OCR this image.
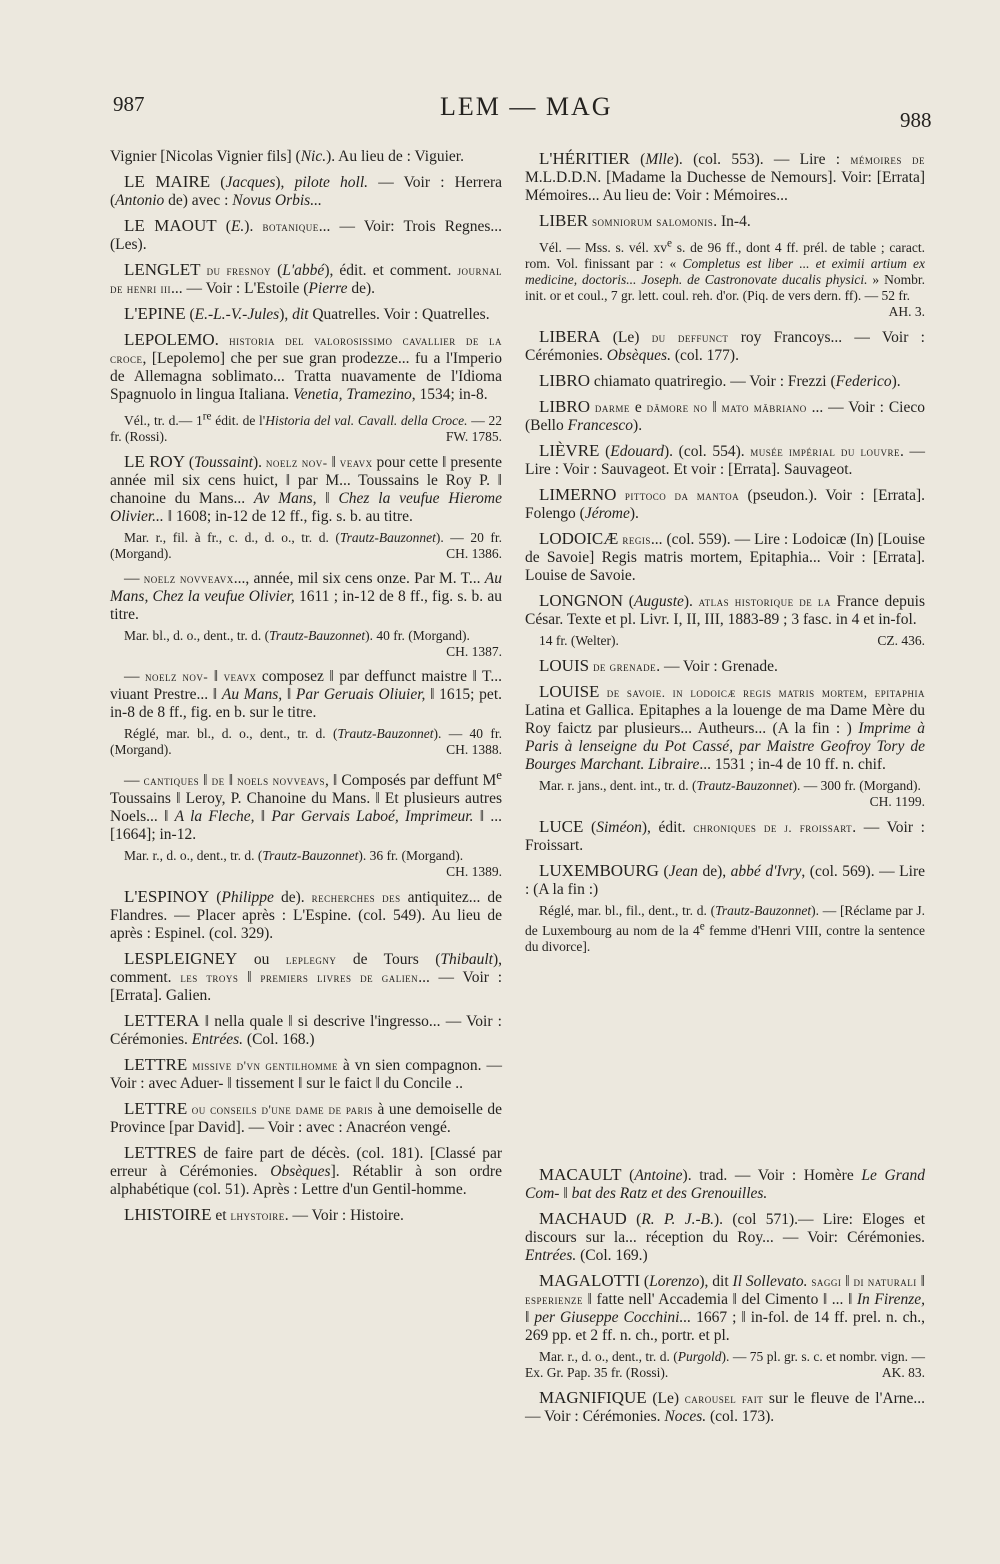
987	LEM — MAG	988

Vignier [Nicolas Vignier fils] (Nic.). Au lieu de : Viguier.

LE MAIRE (Jacques), pilote holl. — Voir : Herrera (Antonio de) avec : Novus Orbis...

LE MAOUT (E.). botanique... — Voir: Trois Regnes... (Les).

LENGLET du fresnoy (L'abbé), édit. et comment. journal de henri iii... — Voir : L'Estoile (Pierre de).

L'EPINE (E.-L.-V.-Jules), dit Quatrelles. Voir : Quatrelles.

LEPOLEMO. historia del valorosissimo cavallier de la croce, [Lepolemo] che per sue gran prodezze... fu a l'Imperio de Allemagna soblimato... Tratta nuavamente de l'Idioma Spagnuolo in lingua Italiana. Venetia, Tramezino, 1534; in-8.

Vél., tr. d.— 1re édit. de l'Historia del val. Cavall. della Croce. — 22 fr. (Rossi).	FW. 1785.

LE ROY (Toussaint). noelz nov- ‖ veavx pour cette ‖ presente année mil six cens huict, ‖ par M... Toussains le Roy P. ‖ chanoine du Mans... Av Mans, ‖ Chez la veufue Hierome Olivier... ‖ 1608; in-12 de 12 ff., fig. s. b. au titre.

Mar. r., fil. à fr., c. d., d. o., tr. d. (Trautz-Bauzonnet). — 20 fr. (Morgand).	CH. 1386.

— noelz novveavx..., année, mil six cens onze. Par M. T... Au Mans, Chez la veufue Olivier, 1611 ; in-12 de 8 ff., fig. s. b. au titre.

Mar. bl., d. o., dent., tr. d. (Trautz-Bauzonnet). 40 fr. (Morgand).
CH. 1387.

— noelz nov- ‖ veavx composez ‖ par deffunct maistre ‖ T... viuant Prestre... ‖ Au Mans, ‖ Par Geruais Oliuier, ‖ 1615; pet. in-8 de 8 ff., fig. en b. sur le titre.

Réglé, mar. bl., d. o., dent., tr. d. (Trautz-Bauzonnet). — 40 fr. (Morgand).	CH. 1388.

— cantiques ‖ de ‖ noels novveavs, ‖ Composés par deffunt Me Toussains ‖ Leroy, P. Chanoine du Mans. ‖ Et plusieurs autres Noels... ‖ A la Fleche, ‖ Par Gervais Laboé, Imprimeur. ‖ ... [1664]; in-12.

Mar. r., d. o., dent., tr. d. (Trautz-Bauzonnet). 36 fr. (Morgand).
CH. 1389.

L'ESPINOY (Philippe de). recherches des antiquitez... de Flandres. — Placer après : L'Espine. (col. 549). Au lieu de après : Espinel. (col. 329).

LESPLEIGNEY ou leplegny de Tours (Thibault), comment. les troys ‖ premiers livres de galien... — Voir : [Errata]. Galien.

LETTERA ‖ nella quale ‖ si descrive l'ingresso... — Voir : Cérémonies. Entrées. (Col. 168.)

LETTRE missive d'vn gentilhomme à vn sien compagnon. — Voir : avec Aduer- ‖ tissement ‖ sur le faict ‖ du Concile ..

LETTRE ou conseils d'une dame de paris à une demoiselle de Province [par David]. — Voir : avec : Anacréon vengé.

LETTRES de faire part de décès. (col. 181). [Classé par erreur à Cérémonies. Obsèques]. Rétablir à son ordre alphabétique (col. 51). Après : Lettre d'un Gentil-homme.

LHISTOIRE et lhystoire. — Voir : Histoire.

L'HÉRITIER (Mlle). (col. 553). — Lire : mémoires de M.L.D.D.N. [Madame la Duchesse de Nemours]. Voir: [Errata] Mémoires... Au lieu de: Voir : Mémoires...

LIBER somniorum salomonis. In-4.

Vél. — Mss. s. vél. $xv^e$ s. de 96 ff., dont 4 ff. prél. de table ; caract. rom. Vol. finissant par : « Completus est liber ... et eximii artium ex medicine, doctoris... Joseph. de Castronovate ducalis physici. » Nombr. init. or et coul., 7 gr. lett. coul. reh. d'or. (Piq. de vers dern. ff). — 52 fr.
AH. 3.

LIBERA (Le) du deffunct roy Francoys... — Voir : Cérémonies. Obsèques. (col. 177).

LIBRO chiamato quatriregio. — Voir : Frezzi (Federico).

LIBRO darme e dāmore no ‖ mato mābriano ... — Voir : Cieco (Bello Francesco).

LIÈVRE (Edouard). (col. 554). musée impérial du louvre. — Lire : Voir : Sauvageot. Et voir : [Errata]. Sauvageot.

LIMERNO pittoco da mantoa (pseudon.). Voir : [Errata]. Folengo (Jérome).

LODOICÆ regis... (col. 559). — Lire : Lodoicæ (In) [Louise de Savoie] Regis matris mortem, Epitaphia... Voir : [Errata]. Louise de Savoie.

LONGNON (Auguste). atlas historique de la France depuis César. Texte et pl. Livr. I, II, III, 1883-89 ; 3 fasc. in 4 et in-fol.

14 fr. (Welter).	CZ. 436.

LOUIS de grenade. — Voir : Grenade.

LOUISE de savoie. in lodoicæ regis matris mortem, epitaphia Latina et Gallica. Epitaphes a la louenge de ma Dame Mère du Roy faictz par plusieurs... Autheurs... (A la fin : ) Imprime à Paris à lenseigne du Pot Cassé, par Maistre Geofroy Tory de Bourges Marchant. Libraire... 1531 ; in-4 de 10 ff. n. chif.

Mar. r. jans., dent. int., tr. d. (Trautz-Bauzonnet). — 300 fr. (Morgand).
CH. 1199.

LUCE (Siméon), édit. chroniques de j. froissart. — Voir : Froissart.

LUXEMBOURG (Jean de), abbé d'Ivry, (col. 569). — Lire : (A la fin :)

Réglé, mar. bl., fil., dent., tr. d. (Trautz-Bauzonnet). — [Réclame par J. de Luxembourg au nom de la 4e femme d'Henri VIII, contre la sentence du divorce].

MACAULT (Antoine). trad. — Voir : Homère Le Grand Com- ‖ bat des Ratz et des Grenouilles.

MACHAUD (R. P. J.-B.). (col 571).— Lire: Eloges et discours sur la... réception du Roy... — Voir: Cérémonies. Entrées. (Col. 169.)

MAGALOTTI (Lorenzo), dit Il Sollevato. saggi ‖ di naturali ‖ esperienze ‖ fatte nell' Accademia ‖ del Cimento ‖ ... ‖ In Firenze, ‖ per Giuseppe Cocchini... 1667 ; ‖ in-fol. de 14 ff. prel. n. ch., 269 pp. et 2 ff. n. ch., portr. et pl.

Mar. r., d. o., dent., tr. d. (Purgold). — 75 pl. gr. s. c. et nombr. vign. — Ex. Gr. Pap. 35 fr. (Rossi).	AK. 83.

MAGNIFIQUE (Le) carousel fait sur le fleuve de l'Arne... — Voir : Cérémonies. Noces. (col. 173).
